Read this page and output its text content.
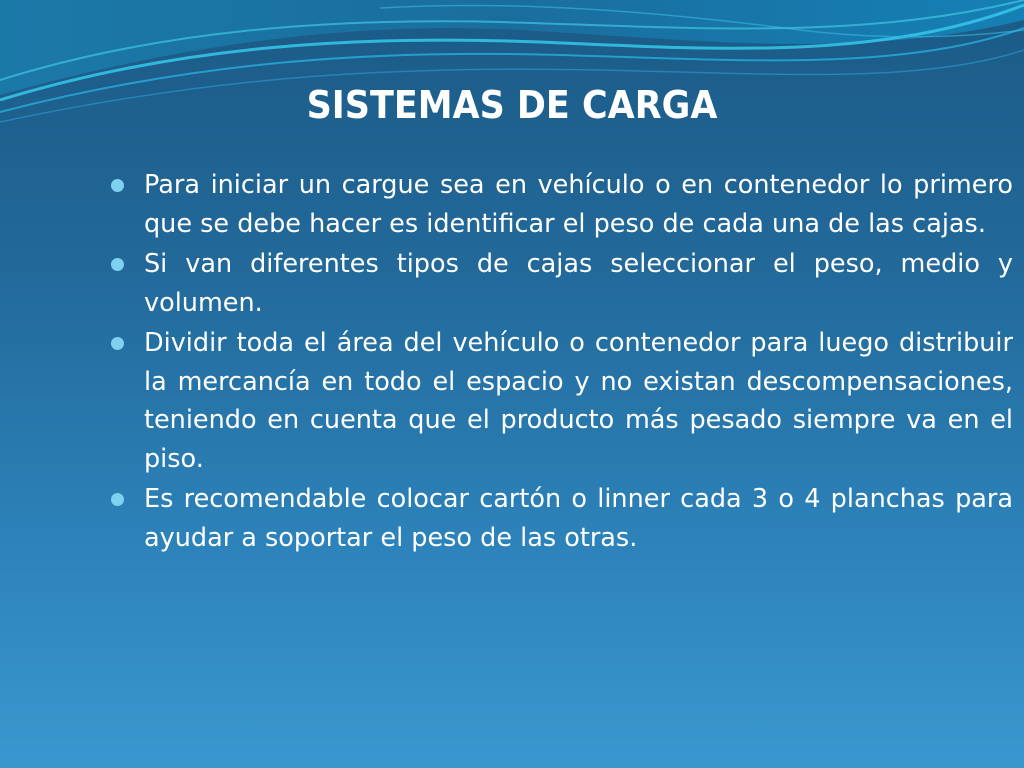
SISTEMAS DE CARGA
Para iniciar un cargue sea en vehículo o en contenedor lo primero que se debe hacer es identificar el peso de cada una de las cajas.
Si van diferentes tipos de cajas seleccionar el peso, medio y volumen.
Dividir toda el área del vehículo o contenedor para luego distribuir la mercancía en todo el espacio y no existan descompensaciones, teniendo en cuenta que el producto más pesado siempre va en el piso.
Es recomendable colocar cartón o linner cada 3 o 4 planchas para ayudar a soportar el peso de las otras.
